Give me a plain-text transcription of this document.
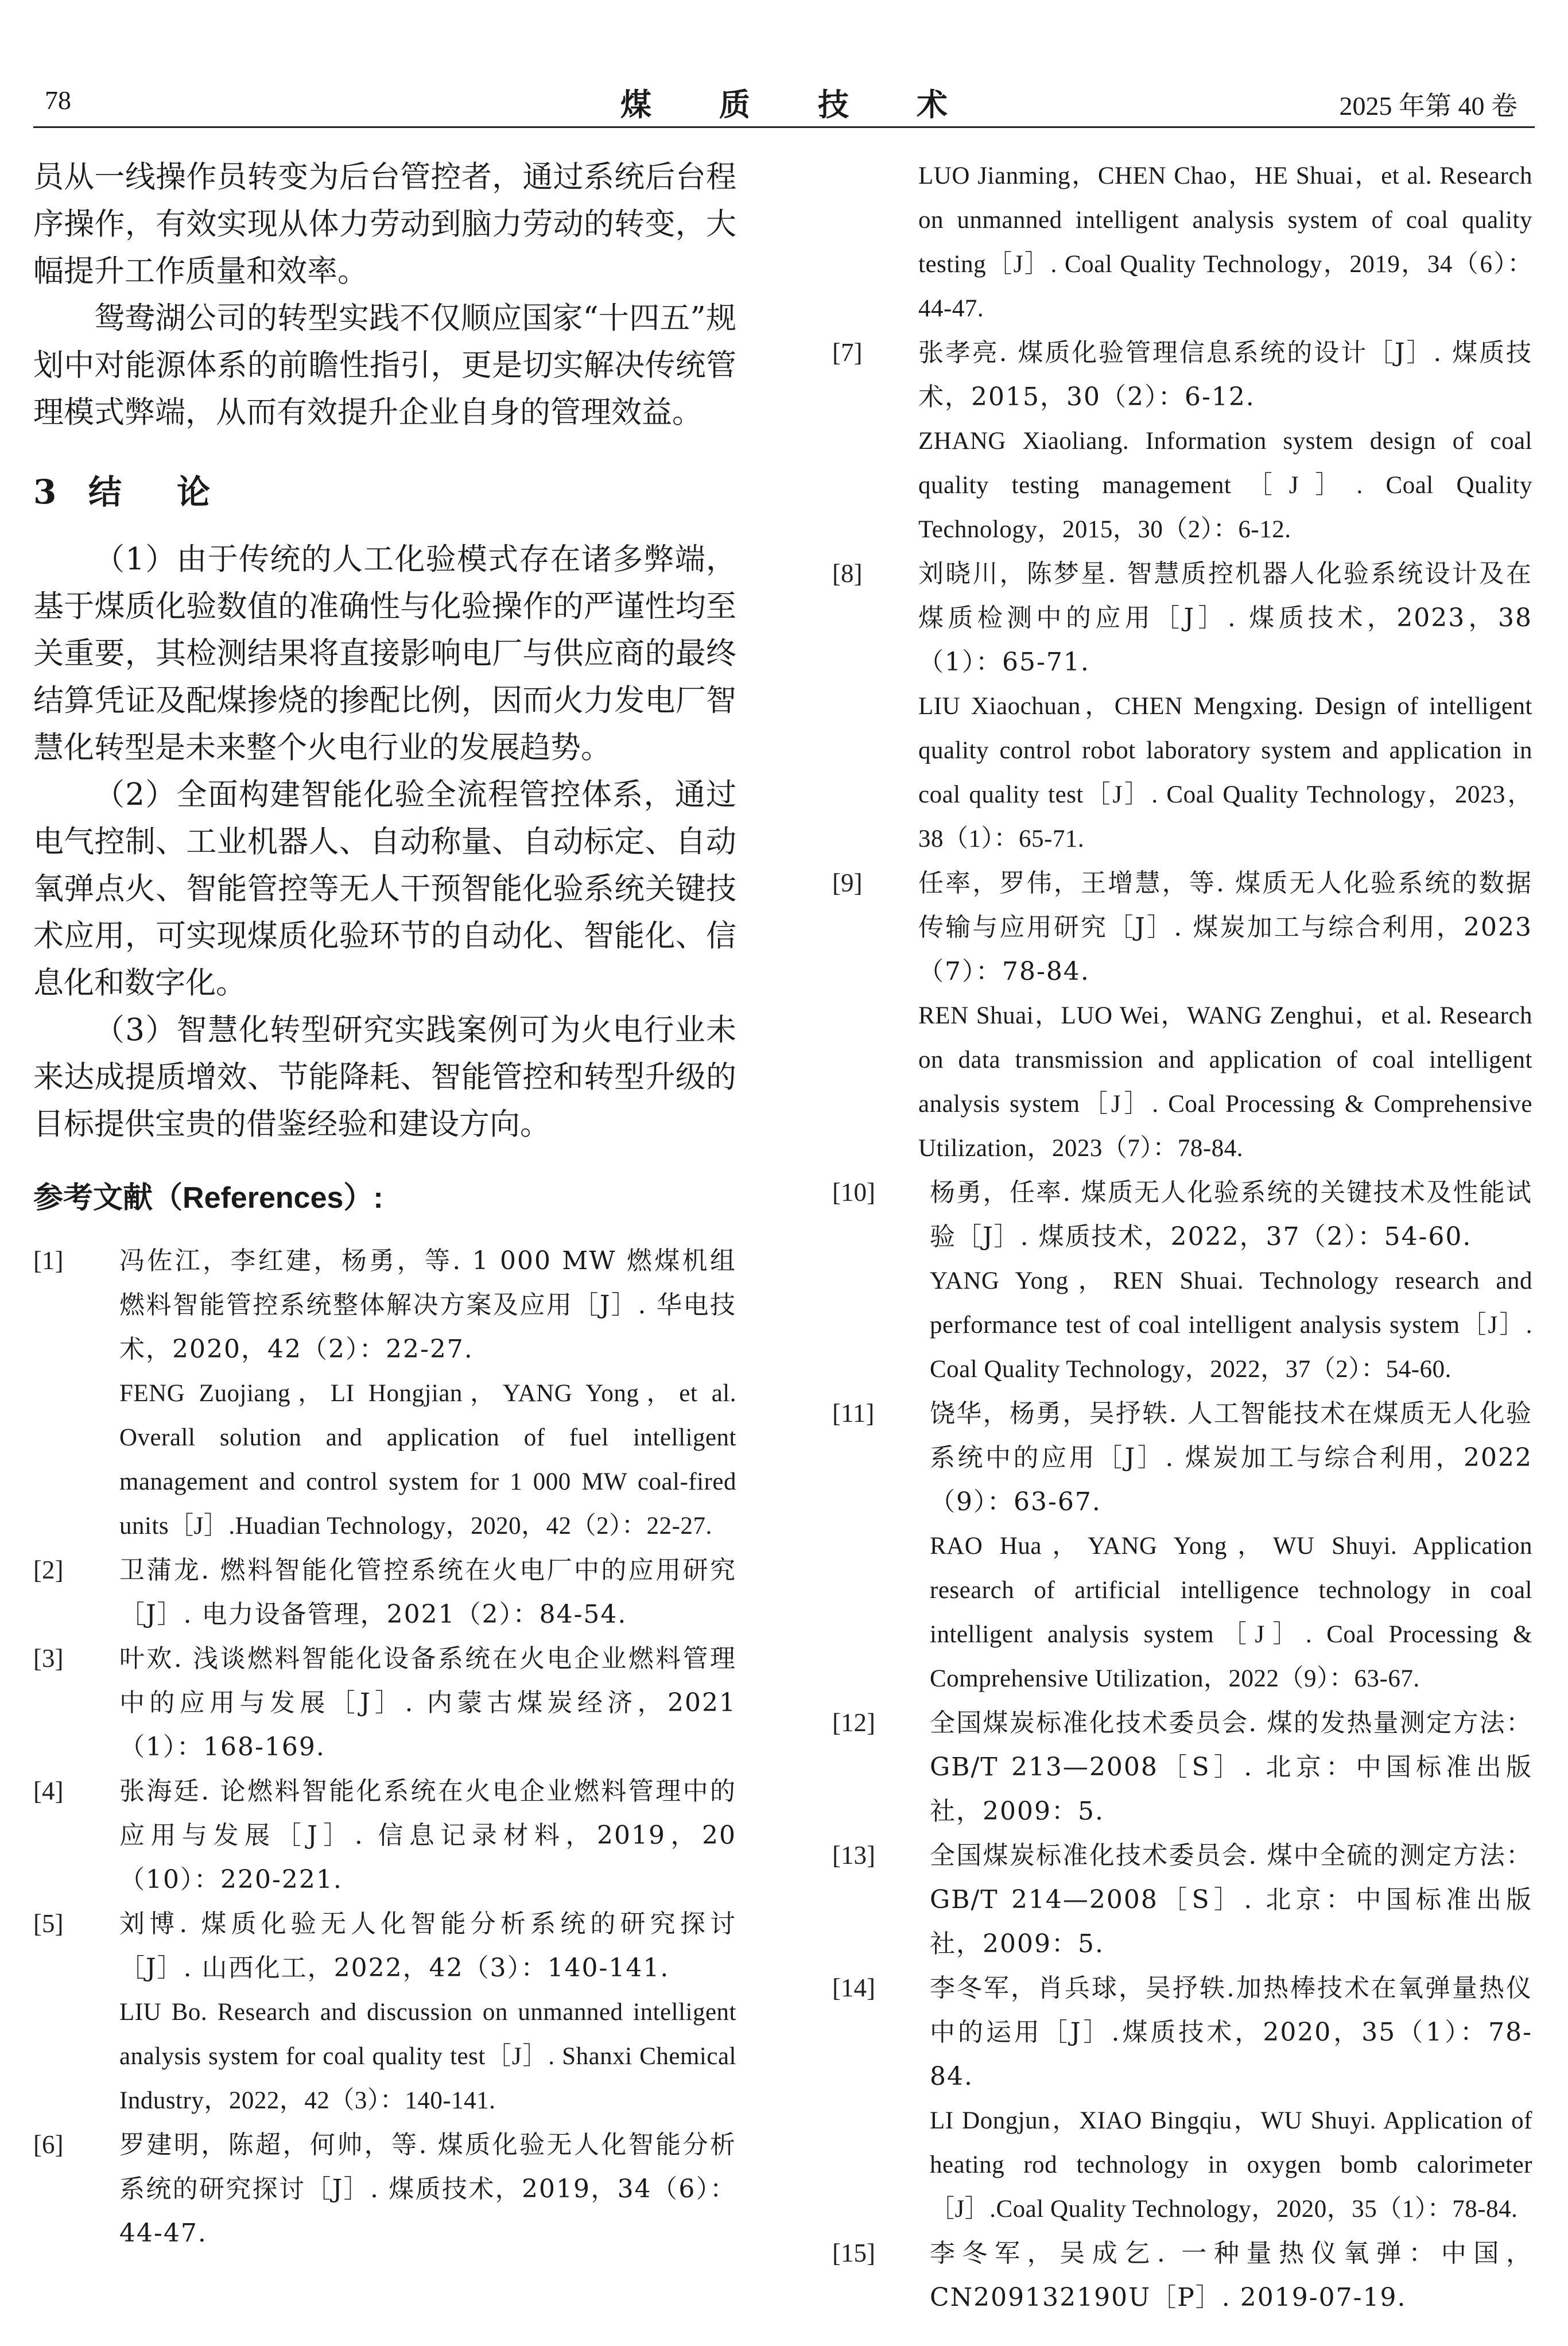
78	煤质技术	2025 年第 40 卷

员从一线操作员转变为后台管控者，通过系统后台程序操作，有效实现从体力劳动到脑力劳动的转变，大幅提升工作质量和效率。

鸳鸯湖公司的转型实践不仅顺应国家“十四五”规划中对能源体系的前瞻性指引，更是切实解决传统管理模式弊端，从而有效提升企业自身的管理效益。

3 结论

（1）由于传统的人工化验模式存在诸多弊端，基于煤质化验数值的准确性与化验操作的严谨性均至关重要，其检测结果将直接影响电厂与供应商的最终结算凭证及配煤掺烧的掺配比例，因而火力发电厂智慧化转型是未来整个火电行业的发展趋势。

（2）全面构建智能化验全流程管控体系，通过电气控制、工业机器人、自动称量、自动标定、自动氧弹点火、智能管控等无人干预智能化验系统关键技术应用，可实现煤质化验环节的自动化、智能化、信息化和数字化。

（3）智慧化转型研究实践案例可为火电行业未来达成提质增效、节能降耗、智能管控和转型升级的目标提供宝贵的借鉴经验和建设方向。

参考文献（References）:
[1]	冯佐江，李红建，杨勇，等. 1 000 MW 燃煤机组燃料智能管控系统整体解决方案及应用［J］. 华电技术，2020，42（2）：22-27.

FENG Zuojiang，LI Hongjian，YANG Yong，et al. Overall solution and application of fuel intelligent management and control system for 1 000 MW coal-fired units［J］.Huadian Technology，2020，42（2）：22-27.

[2]	卫蒲龙. 燃料智能化管控系统在火电厂中的应用研究［J］. 电力设备管理，2021（2）：84-54.

[3]	叶欢. 浅谈燃料智能化设备系统在火电企业燃料管理中的应用与发展［J］. 内蒙古煤炭经济，2021（1）：168-169.

[4]	张海廷. 论燃料智能化系统在火电企业燃料管理中的应用与发展［J］. 信息记录材料，2019，20（10）：220-221.

[5]	刘博. 煤质化验无人化智能分析系统的研究探讨［J］. 山西化工，2022，42（3）：140-141.

LIU Bo. Research and discussion on unmanned intelligent analysis system for coal quality test［J］. Shanxi Chemical Industry，2022，42（3）：140-141.

[6]	罗建明，陈超，何帅，等. 煤质化验无人化智能分析系统的研究探讨［J］. 煤质技术，2019，34（6）：44-47.

LUO Jianming，CHEN Chao，HE Shuai，et al. Research on unmanned intelligent analysis system of coal quality testing［J］. Coal Quality Technology，2019，34（6）：44-47.

[7]	张孝亮. 煤质化验管理信息系统的设计［J］. 煤质技术，2015，30（2）：6-12.

ZHANG Xiaoliang. Information system design of coal quality testing management［J］. Coal Quality Technology，2015，30（2）：6-12.

[8]	刘晓川，陈梦星. 智慧质控机器人化验系统设计及在煤质检测中的应用［J］. 煤质技术，2023，38（1）：65-71.

LIU Xiaochuan，CHEN Mengxing. Design of intelligent quality control robot laboratory system and application in coal quality test［J］. Coal Quality Technology，2023，38（1）：65-71.

[9]	任率，罗伟，王增慧，等. 煤质无人化验系统的数据传输与应用研究［J］. 煤炭加工与综合利用，2023（7）：78-84.

REN Shuai，LUO Wei，WANG Zenghui，et al. Research on data transmission and application of coal intelligent analysis system［J］. Coal Processing & Comprehensive Utilization，2023（7）：78-84.

[10]	杨勇，任率. 煤质无人化验系统的关键技术及性能试验［J］. 煤质技术，2022，37（2）：54-60.

YANG Yong，REN Shuai. Technology research and performance test of coal intelligent analysis system［J］. Coal Quality Technology，2022，37（2）：54-60.

[11]	饶华，杨勇，吴抒轶. 人工智能技术在煤质无人化验系统中的应用［J］. 煤炭加工与综合利用，2022（9）：63-67.

RAO Hua，YANG Yong，WU Shuyi. Application research of artificial intelligence technology in coal intelligent analysis system［J］. Coal Processing & Comprehensive Utilization，2022（9）：63-67.

[12]	全国煤炭标准化技术委员会. 煤的发热量测定方法：GB/T 213—2008［S］. 北京：中国标准出版社，2009：5.

[13]	全国煤炭标准化技术委员会. 煤中全硫的测定方法：GB/T 214—2008［S］. 北京：中国标准出版社，2009：5.

[14]	李冬军，肖兵球，吴抒轶.加热棒技术在氧弹量热仪中的运用［J］.煤质技术，2020，35（1）：78-84.

LI Dongjun，XIAO Bingqiu，WU Shuyi. Application of heating rod technology in oxygen bomb calorimeter［J］.Coal Quality Technology，2020，35（1）：78-84.

[15]	李冬军，吴成乞. 一种量热仪氧弹：中国，CN209132190U［P］. 2019-07-19.
